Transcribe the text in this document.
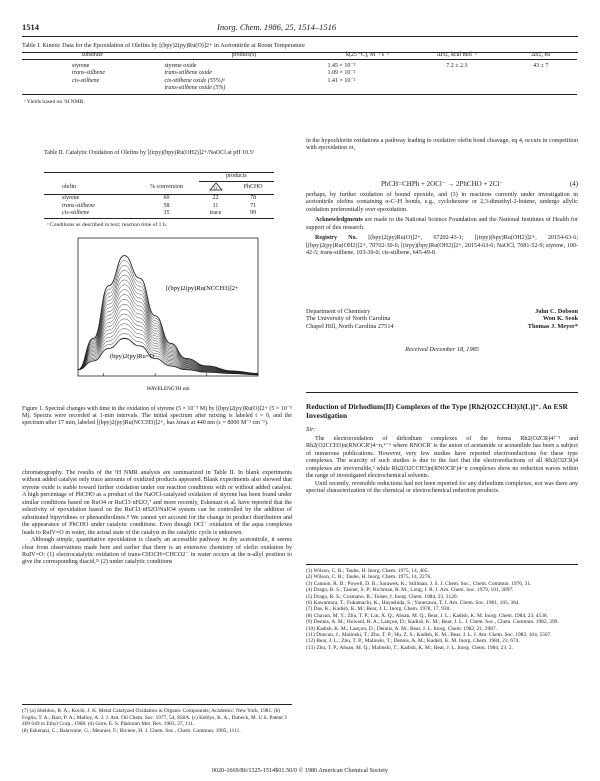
1514	Inorg. Chem. 1986, 25, 1514–1516
Table I. Kinetic Data for the Epoxidation of Olefins by [(bpy)2(py)Ru(O)]2+ in Acetonitrile at Room Temperature
substrate	product(s)	k(25 °C), M⁻¹ s⁻¹	ΔH‡, kcal mol⁻¹	ΔS‡, eu

styrene	styrene oxide	1.45 × 10⁻²	7.2 ± 2.3	43 ± 7
trans-stilbene	trans-stilbene oxide	1.09 × 10⁻²		
cis-stilbene	cis-stilbene oxide (55%)ᵃ	1.41 × 10⁻²		
	trans-stilbene oxide (5%)			

ᵃ Yields based on ¹H NMR.				
Table II. Catalytic Oxidation of Olefins by [(trpy)(bpy)Ru(OH2)]2+/NaOCl at pH 10.5ᵃ
		products	
olefin	% conversion	O	PhCHO
styrene	60	22	78
trans-stilbene	58	11	71
cis-stilbene	35	trace	99
ᵃ Conditions as described in text; reaction time of 1 h.			
[(bpy)2(py)Ru(NCCH3)]2+
(bpy)2(py)Ru=O
WAVELENGTH nm
Figure 1. Spectral changes with time in the oxidation of styrene (5 × 10⁻³ M) by [(bpy)2(py)Ru(O)]2+ (5 × 10⁻⁵ M). Spectra were recorded at 1-min intervals. The initial spectrum after mixing is labeled t = 0, and the spectrum after 17 min, labeled [(bpy)2(py)Ru(NCCH3)]2+, has λmax at 440 nm (ε = 8000 M⁻¹ cm⁻¹).

chromatography. The results of the ¹H NMR analysis are summarized in Table II. In blank experiments without added catalyst only trace amounts of oxidized products appeared. Blank experiments also showed that styrene oxide is stable toward further oxidation under our reaction conditions with or without added catalyst. A high percentage of PhCHO as a product of the NaOCl-catalyzed oxidation of styrene has been found under similar conditions based on RuO4 or RuCl3·nH2O,⁷ and more recently, Eskenazi et al. have reported that the selectivity of epoxidation based on the RuCl3·nH2O/NaIO4 system can be controlled by the addition of substituted bipyridines or phenanthrolines.⁸ We cannot yet account for the change in product distribution and the appearance of PhCHO under catalytic conditions. Even though OCl⁻ oxidation of the aqua complexes leads to RuIV=O in water, the actual state of the catalyst in the catalytic cycle is unknown.

Although simple, quantitative epoxidation is clearly an accessible pathway in dry acetonitrile, it seems clear from observations made here and earlier that there is an extensive chemistry of olefin oxidation by RuIV=O: (1) electrocatalytic oxidation of trans-CH3CH=CHCO2⁻ in water occurs at the α-allyl position to give the corresponding diacid,²ᵃ (2) under catalytic conditions

(7) (a) Sheldon, R. A.; Kochi, J. K. Metal Catalyzed Oxidation in Organic Compounds; Academic: New York, 1981. (b) Foglia, T. A.; Barr, P. A.; Malloy, A. J. J. Am. Oil Chem. Soc. 1977, 54, 858A. (c) Keblys, K. A.; Dubeck, M. U.S. Patent 3 409 649 to Ethyl Corp., 1968. (d) Gore, E. S. Platinum Met. Rev. 1983, 27, 111.
(8) Eskenazi, C.; Balavoine, G.; Meunier, F.; Riviere, H. J. Chem. Soc., Chem. Commun. 1985, 1111.

in the hypochlorite oxidations a pathway leading to oxidative olefin bond cleavage, eq 4, occurs in competition with epoxidation or,

PhCH=CHPh + 2OCl⁻ → 2PhCHO + 2Cl⁻	(4)

perhaps, by further oxidation of bound epoxide, and (3) in reactions currently under investigation in acetonitrile olefins containing α-C–H bonds, e.g., cyclohexene or 2,3-dimethyl-2-butene, undergo allylic oxidation preferentially over epoxidation.

Acknowledgments are made to the National Science Foundation and the National Institutes of Health for support of this research.

Registry No. [(bpy)2(py)Ru(O)]2+, 67202-43-1; [(trpy)(bpy)Ru(OH2)]2+, 20154-63-6; [(bpy)2(py)Ru(OH2)]2+, 70702-30-6; [(trpy)(bpy)Ru(OH2)]2+, 20154-63-6; NaOCl, 7681-52-9; styrene, 100-42-5; trans-stilbene, 103-30-0; cis-stilbene, 645-49-8.

Department of Chemistry	John C. Dobson
The University of North Carolina	Won K. Seok
Chapel Hill, North Carolina 27514	Thomas J. Meyer*
Received December 18, 1985
Reduction of Dirhodium(II) Complexes of the Type [Rh2(O2CCH3)3(L)]⁺. An ESR Investigation
Sir:

The electrooxidation of dirhodium complexes of the forms Rh2(O2CR)4¹⁻³ and Rh2(O2CCH3)n(RNOCR')4−n,⁴⁻⁵ where RNOCR' is the anion of acetamide or acetanilide has been a subject of numerous publications. However, very few studies have reported electroreductions for these type complexes. The scarcity of such studies is due to the fact that the electroreductions of all Rh2(O2CR)4 complexes are irreversible,³ while Rh2(O2CCH3)n(RNOCR')4−n complexes show no reduction waves within the range of investigated electrochemical solvents.

Until recently, reversible reductions had not been reported for any dirhodium complexes, nor was there any spectral characterization of the chemical or electrochemical reduction products.

(1) Wilson, C. R.; Taube, H. Inorg. Chem. 1975, 14, 405.
(2) Wilson, C. R.; Taube, H. Inorg. Chem. 1975, 14, 2276.
(3) Cannon, R. D.; Powell, D. B.; Sarawek, K.; Stillman, J. S. J. Chem. Soc., Chem. Commun. 1976, 31.
(4) Drago, R. S.; Tanner, S. P.; Richman, R. M.; Long, J. R. J. Am. Chem. Soc. 1979, 101, 2897.
(5) Drago, R. S.; Cosmano, R.; Telser, J. Inorg. Chem. 1984, 23, 3120.
(6) Kawamura, T.; Fukamachi, K.; Hayashida, S.; Yonezawa, T. J. Am. Chem. Soc. 1981, 103, 364.
(7) Das, K.; Kadish, K. M.; Bear, J. L. Inorg. Chem. 1978, 17, 930.
(8) Chavan, M. Y.; Zhu, T. P.; Lin, X. Q.; Ahsan, M. Q.; Bear, J. L.; Kadish, K. M. Inorg. Chem. 1984, 23, 4538.
(9) Dennis, A. M.; Howard, R. A.; Lançon, D.; Kadish, K. M.; Bear, J. L. J. Chem. Soc., Chem. Commun. 1982, 399.
(10) Kadish, K. M.; Lançon, D.; Dennis, A. M.; Bear, J. L. Inorg. Chem. 1982, 21, 2987.
(11) Duncan, J.; Malinski, T.; Zhu, T. P.; Hu, Z. S.; Kadish, K. M.; Bear, J. L. J. Am. Chem. Soc. 1982, 104, 5507.
(12) Bear, J. L.; Zhu, T. P.; Malinski, T.; Dennis, A. M.; Kadish, K. M. Inorg. Chem. 1984, 23, 674.
(13) Zhu, T. P.; Ahsan, M. Q.; Malinski, T.; Kadish, K. M.; Bear, J. L. Inorg. Chem. 1984, 23, 2.
0020-1669/86/1325-1514$01.50/0 © 1986 American Chemical Society
